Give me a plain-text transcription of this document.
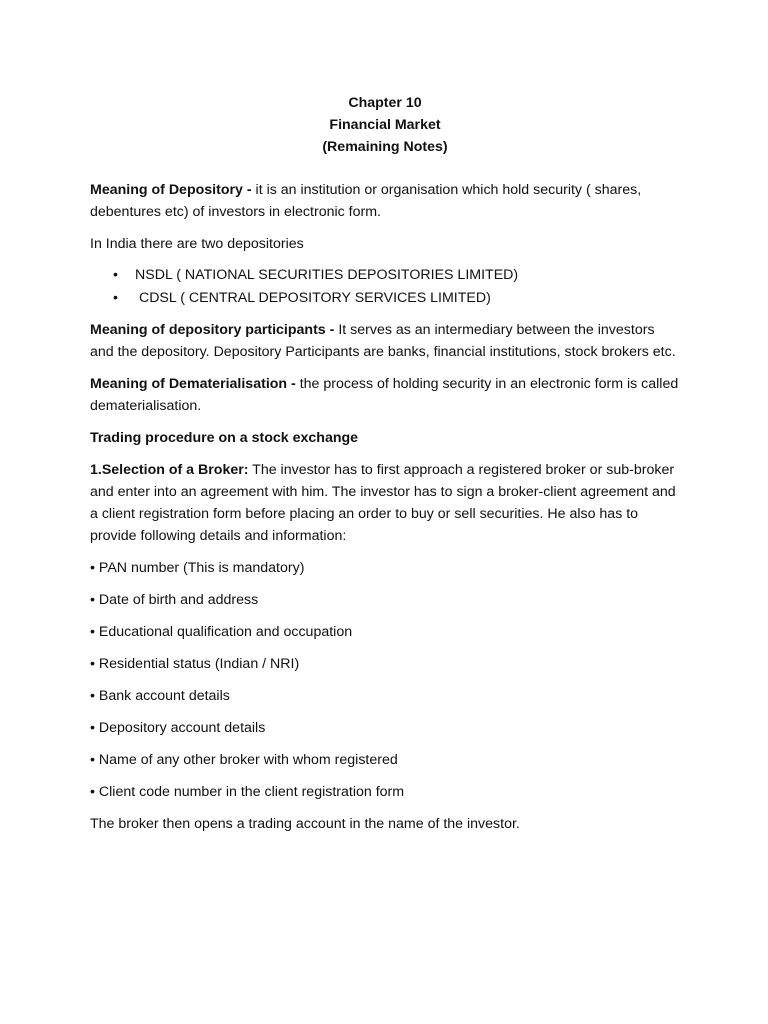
Chapter 10
Financial Market
(Remaining Notes)

Meaning of Depository - it is an institution or organisation which hold security ( shares, debentures etc) of investors in electronic form.

In India there are two depositories

• NSDL ( NATIONAL SECURITIES DEPOSITORIES LIMITED)
•  CDSL ( CENTRAL DEPOSITORY SERVICES LIMITED)

Meaning of depository participants - It serves as an intermediary between the investors and the depository. Depository Participants are banks, financial institutions, stock brokers etc.

Meaning of Dematerialisation - the process of holding security in an electronic form is called dematerialisation.

Trading procedure on a stock exchange

1.Selection of a Broker: The investor has to first approach a registered broker or sub-broker and enter into an agreement with him. The investor has to sign a broker-client agreement and a client registration form before placing an order to buy or sell securities. He also has to provide following details and information:

• PAN number (This is mandatory)

• Date of birth and address

• Educational qualification and occupation

• Residential status (Indian / NRI)

• Bank account details

• Depository account details

• Name of any other broker with whom registered

• Client code number in the client registration form

The broker then opens a trading account in the name of the investor.
